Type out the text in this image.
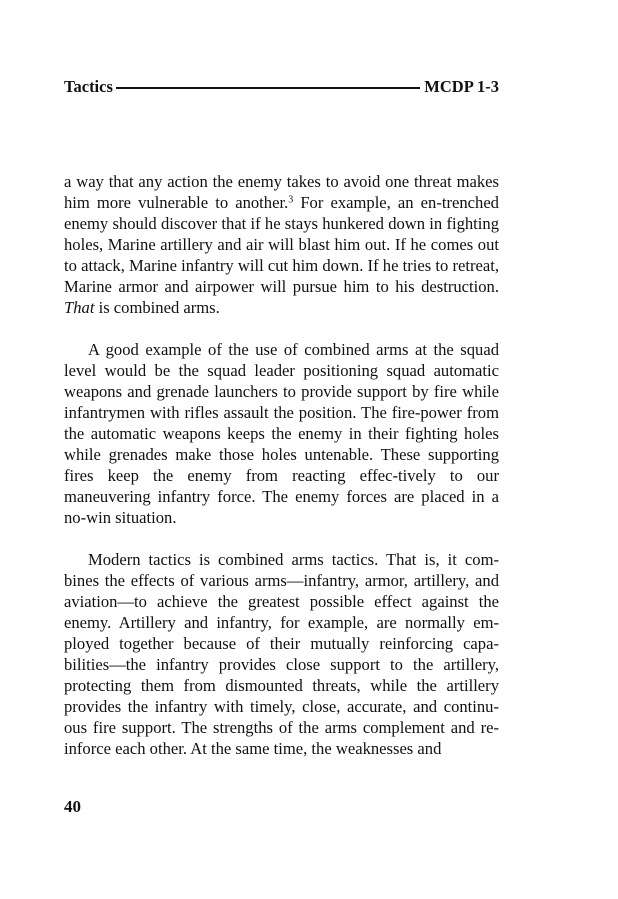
Tactics	MCDP 1-3

a way that any action the enemy takes to avoid one threat makes him more vulnerable to another.$^3$ For example, an en-trenched enemy should discover that if he stays hunkered down in fighting holes, Marine artillery and air will blast him out. If he comes out to attack, Marine infantry will cut him down. If he tries to retreat, Marine armor and airpower will pursue him to his destruction. That is combined arms.

A good example of the use of combined arms at the squad level would be the squad leader positioning squad automatic weapons and grenade launchers to provide support by fire while infantrymen with rifles assault the position. The fire-power from the automatic weapons keeps the enemy in their fighting holes while grenades make those holes untenable. These supporting fires keep the enemy from reacting effec-tively to our maneuvering infantry force. The enemy forces are placed in a no-win situation.

Modern tactics is combined arms tactics. That is, it com-bines the effects of various arms—infantry, armor, artillery, and aviation—to achieve the greatest possible effect against the enemy. Artillery and infantry, for example, are normally em-ployed together because of their mutually reinforcing capa-bilities—the infantry provides close support to the artillery, protecting them from dismounted threats, while the artillery provides the infantry with timely, close, accurate, and continu-ous fire support. The strengths of the arms complement and re-inforce each other. At the same time, the weaknesses and

40
